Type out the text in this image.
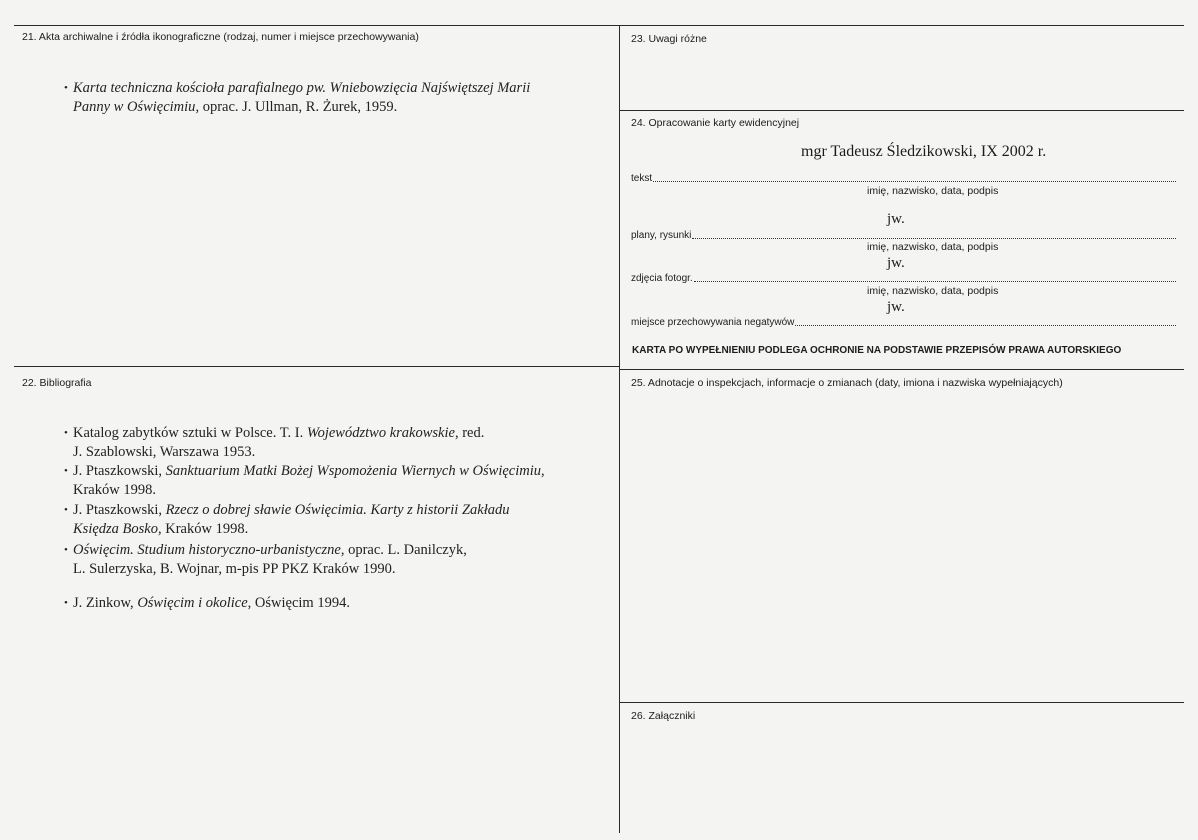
21. Akta archiwalne i źródła ikonograficzne (rodzaj, numer i miejsce przechowywania)
• Karta techniczna kościoła parafialnego pw. Wniebowzięcia Najświętszej Marii
Panny w Oświęcimiu, oprac. J. Ullman, R. Żurek, 1959.
22. Bibliografia
• Katalog zabytków sztuki w Polsce. T. I. Województwo krakowskie, red.
J. Szablowski, Warszawa 1953.
• J. Ptaszkowski, Sanktuarium Matki Bożej Wspomożenia Wiernych w Oświęcimiu,
Kraków 1998.
• J. Ptaszkowski, Rzecz o dobrej sławie Oświęcimia. Karty z historii Zakładu
Księdza Bosko, Kraków 1998.
• Oświęcim. Studium historyczno-urbanistyczne, oprac. L. Danilczyk,
L. Sulerzyska, B. Wojnar, m-pis PP PKZ Kraków 1990.
• J. Zinkow, Oświęcim i okolice, Oświęcim 1994.
23. Uwagi różne
24. Opracowanie karty ewidencyjnej
mgr Tadeusz Śledzikowski, IX 2002 r.
tekst
imię, nazwisko, data, podpis
jw.
plany, rysunki
imię, nazwisko, data, podpis
jw.
zdjęcia fotogr.
imię, nazwisko, data, podpis
jw.
miejsce przechowywania negatywów
KARTA PO WYPEŁNIENIU PODLEGA OCHRONIE NA PODSTAWIE PRZEPISÓW PRAWA AUTORSKIEGO
25. Adnotacje o inspekcjach, informacje o zmianach (daty, imiona i nazwiska wypełniających)
26. Załączniki
